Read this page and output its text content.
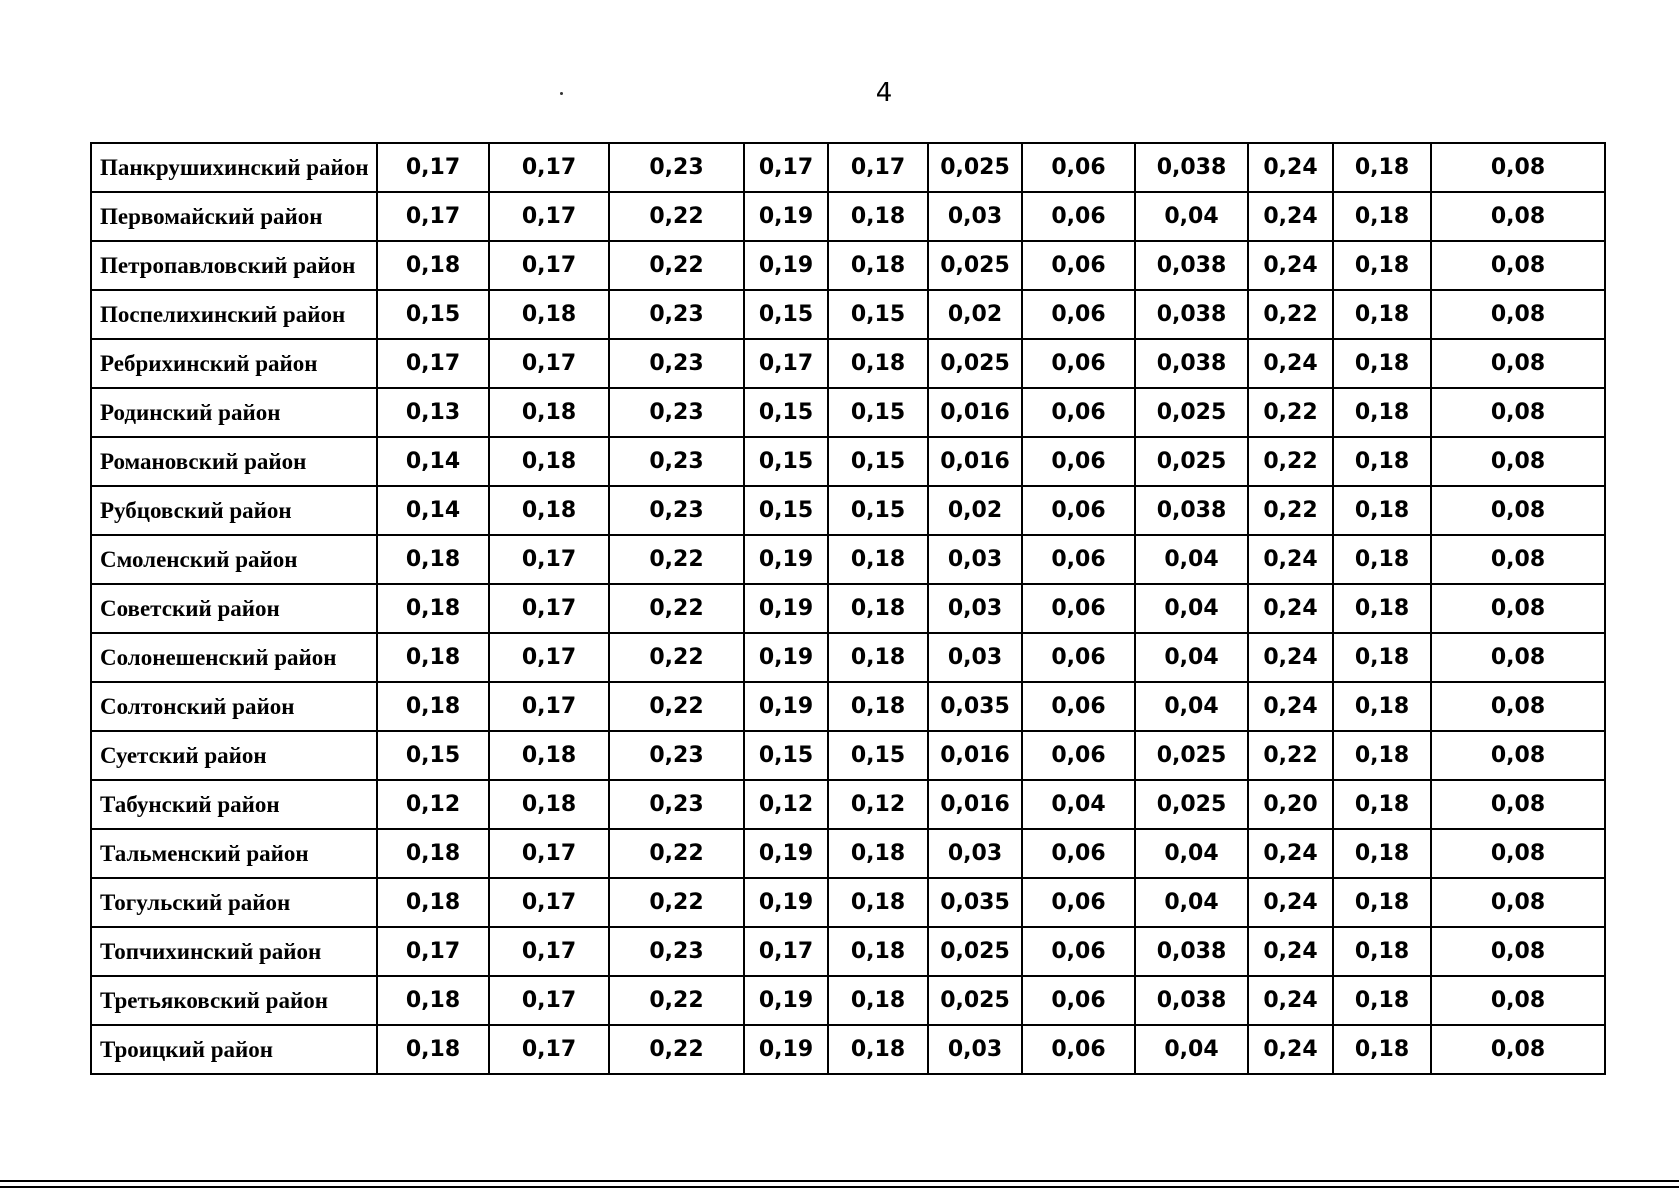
4
Панкрушихинский район	0,17	0,17	0,23	0,17	0,17	0,025	0,06	0,038	0,24	0,18	0,08
Первомайский район	0,17	0,17	0,22	0,19	0,18	0,03	0,06	0,04	0,24	0,18	0,08
Петропавловский район	0,18	0,17	0,22	0,19	0,18	0,025	0,06	0,038	0,24	0,18	0,08
Поспелихинский район	0,15	0,18	0,23	0,15	0,15	0,02	0,06	0,038	0,22	0,18	0,08
Ребрихинский район	0,17	0,17	0,23	0,17	0,18	0,025	0,06	0,038	0,24	0,18	0,08
Родинский район	0,13	0,18	0,23	0,15	0,15	0,016	0,06	0,025	0,22	0,18	0,08
Романовский район	0,14	0,18	0,23	0,15	0,15	0,016	0,06	0,025	0,22	0,18	0,08
Рубцовский район	0,14	0,18	0,23	0,15	0,15	0,02	0,06	0,038	0,22	0,18	0,08
Смоленский район	0,18	0,17	0,22	0,19	0,18	0,03	0,06	0,04	0,24	0,18	0,08
Советский район	0,18	0,17	0,22	0,19	0,18	0,03	0,06	0,04	0,24	0,18	0,08
Солонешенский район	0,18	0,17	0,22	0,19	0,18	0,03	0,06	0,04	0,24	0,18	0,08
Солтонский район	0,18	0,17	0,22	0,19	0,18	0,035	0,06	0,04	0,24	0,18	0,08
Суетский район	0,15	0,18	0,23	0,15	0,15	0,016	0,06	0,025	0,22	0,18	0,08
Табунский район	0,12	0,18	0,23	0,12	0,12	0,016	0,04	0,025	0,20	0,18	0,08
Тальменский район	0,18	0,17	0,22	0,19	0,18	0,03	0,06	0,04	0,24	0,18	0,08
Тогульский район	0,18	0,17	0,22	0,19	0,18	0,035	0,06	0,04	0,24	0,18	0,08
Топчихинский район	0,17	0,17	0,23	0,17	0,18	0,025	0,06	0,038	0,24	0,18	0,08
Третьяковский район	0,18	0,17	0,22	0,19	0,18	0,025	0,06	0,038	0,24	0,18	0,08
Троицкий район	0,18	0,17	0,22	0,19	0,18	0,03	0,06	0,04	0,24	0,18	0,08
